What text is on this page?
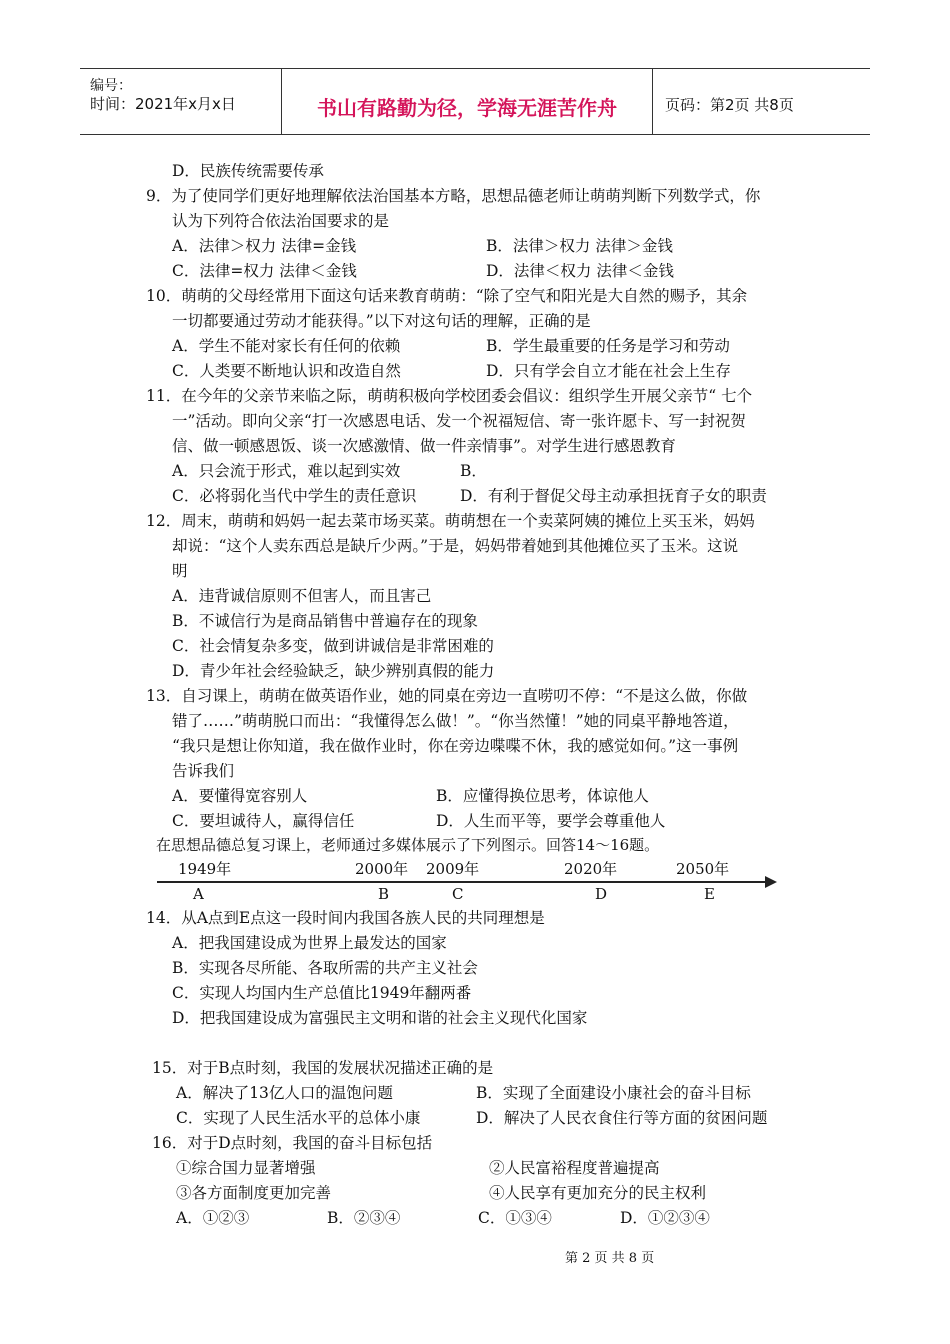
编号：
时间：2021年x月x日	书山有路勤为径，学海无涯苦作舟	页码：第2页 共8页
D．民族传统需要传承
9．为了使同学们更好地理解依法治国基本方略，思想品德老师让萌萌判断下列数学式，你
认为下列符合依法治国要求的是
A．法律＞权力 法律=金钱	B．法律＞权力 法律＞金钱
C．法律=权力 法律＜金钱	D．法律＜权力 法律＜金钱
10．萌萌的父母经常用下面这句话来教育萌萌：“除了空气和阳光是大自然的赐予，其余
一切都要通过劳动才能获得。”以下对这句话的理解，正确的是
A．学生不能对家长有任何的依赖	B．学生最重要的任务是学习和劳动
C．人类要不断地认识和改造自然	D．只有学会自立才能在社会上生存
11．在今年的父亲节来临之际，萌萌积极向学校团委会倡议：组织学生开展父亲节“ 七个
一”活动。即向父亲“打一次感恩电话、发一个祝福短信、寄一张许愿卡、写一封祝贺
信、做一顿感恩饭、谈一次感激情、做一件亲情事”。对学生进行感恩教育
A．只会流于形式，难以起到实效	B．
C．必将弱化当代中学生的责任意识	D．有利于督促父母主动承担抚育子女的职责
12．周末，萌萌和妈妈一起去菜市场买菜。萌萌想在一个卖菜阿姨的摊位上买玉米，妈妈
却说：“这个人卖东西总是缺斤少两。”于是，妈妈带着她到其他摊位买了玉米。这说
明
A．违背诚信原则不但害人，而且害己
B．不诚信行为是商品销售中普遍存在的现象
C．社会情复杂多变，做到讲诚信是非常困难的
D．青少年社会经验缺乏，缺少辨别真假的能力
13．自习课上，萌萌在做英语作业，她的同桌在旁边一直唠叨不停：“不是这么做，你做
错了……”萌萌脱口而出：“我懂得怎么做！”。“你当然懂！”她的同桌平静地答道，
“我只是想让你知道，我在做作业时，你在旁边喋喋不休，我的感觉如何。”这一事例
告诉我们
A．要懂得宽容别人	B．应懂得换位思考，体谅他人
C．要坦诚待人，赢得信任	D．人生而平等，要学会尊重他人
在思想品德总复习课上，老师通过多媒体展示了下列图示。回答14～16题。
1949年	2000年 2009年	2020年	2050年
A	B	C	D	E
14．从A点到E点这一段时间内我国各族人民的共同理想是
A．把我国建设成为世界上最发达的国家
B．实现各尽所能、各取所需的共产主义社会
C．实现人均国内生产总值比1949年翻两番
D．把我国建设成为富强民主文明和谐的社会主义现代化国家
15．对于B点时刻，我国的发展状况描述正确的是
A．解决了13亿人口的温饱问题	B．实现了全面建设小康社会的奋斗目标
C．实现了人民生活水平的总体小康	D．解决了人民衣食住行等方面的贫困问题
16．对于D点时刻，我国的奋斗目标包括
①综合国力显著增强	②人民富裕程度普遍提高
③各方面制度更加完善	④人民享有更加充分的民主权利
A．①②③	B．②③④	C．①③④	D．①②③④
第 2 页 共 8 页
